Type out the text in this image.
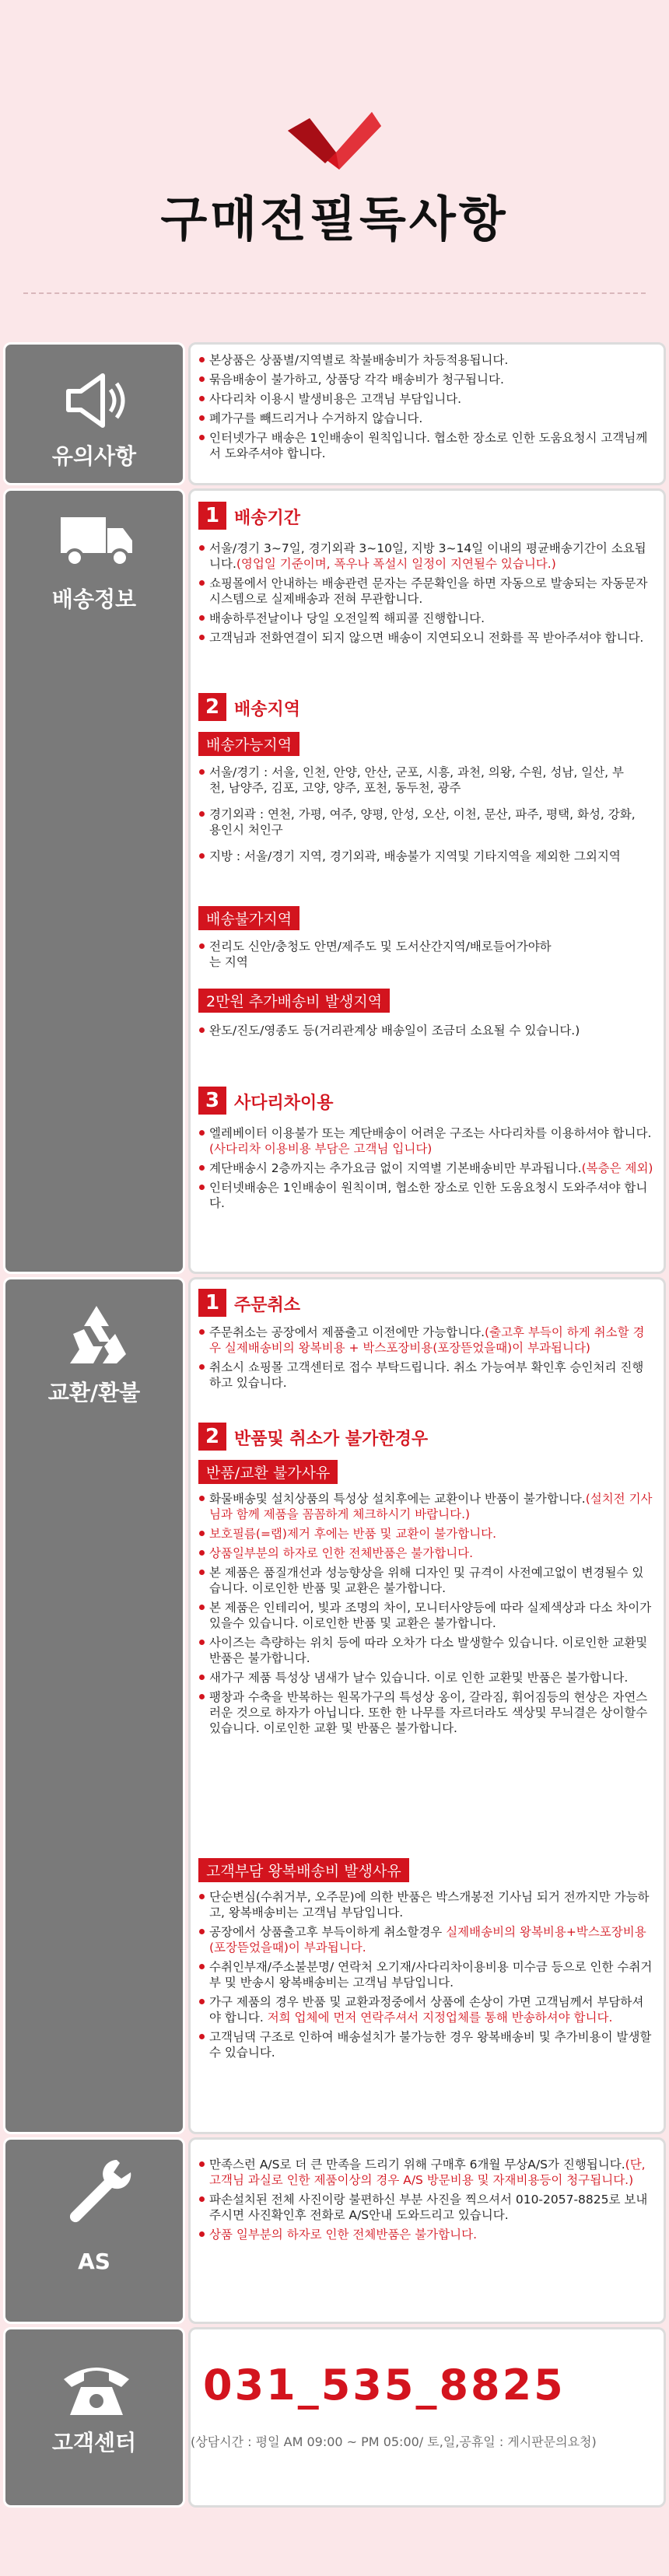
구매전필독사항
유의사항
본상품은 상품별/지역별로 착불배송비가 차등적용됩니다.
묶음배송이 불가하고, 상품당 각각 배송비가 청구됩니다.
사다리차 이용시 발생비용은 고객님 부담입니다.
폐가구를 빼드리거나 수거하지 않습니다.
인터넷가구 배송은 1인배송이 원칙입니다. 협소한 장소로 인한 도움요청시 고객님께서 도와주셔야 합니다.
배송정보
1 배송기간
서울/경기 3~7일, 경기외곽 3~10일, 지방 3~14일 이내의 평균배송기간이 소요됩니다.(영업일 기준이며, 폭우나 폭설시 일정이 지연될수 있습니다.)
쇼핑몰에서 안내하는 배송관련 문자는 주문확인을 하면 자동으로 발송되는 자동문자 시스템으로 실제배송과 전혀 무관합니다.
배송하루전날이나 당일 오전일찍 해피콜 진행합니다.
고객님과 전화연결이 되지 않으면 배송이 지연되오니 전화를 꼭 받아주셔야 합니다.
2 배송지역
배송가능지역
서울/경기 : 서울, 인천, 안양, 안산, 군포, 시흥, 과천, 의왕, 수원, 성남, 일산, 부천, 남양주, 김포, 고양, 양주, 포천, 동두천, 광주
경기외곽 : 연천, 가평, 여주, 양평, 안성, 오산, 이천, 문산, 파주, 평택, 화성, 강화, 용인시 처인구
지방 : 서울/경기 지역, 경기외곽, 배송불가 지역및 기타지역을 제외한 그외지역
배송불가지역
전리도 신안/충청도 안면/제주도 및 도서산간지역/배로들어가야하는 지역
2만원 추가배송비 발생지역
완도/진도/영종도 등(거리관계상 배송일이 조금더 소요될 수 있습니다.)
3 사다리차이용
엘레베이터 이용불가 또는 계단배송이 어려운 구조는 사다리차를 이용하셔야 합니다.(사다리차 이용비용 부담은 고객님 입니다)
계단배송시 2층까지는 추가요금 없이 지역별 기본배송비만 부과됩니다.(복층은 제외)
인터넷배송은 1인배송이 원칙이며, 협소한 장소로 인한 도움요청시 도와주셔야 합니다.
교환/환불
1 주문취소
주문취소는 공장에서 제품출고 이전에만 가능합니다.(출고후 부득이 하게 취소할 경우 실제배송비의 왕복비용 + 박스포장비용(포장뜯었을때)이 부과됩니다)
취소시 쇼핑몰 고객센터로 접수 부탁드립니다. 취소 가능여부 확인후 승인처리 진행하고 있습니다.
2 반품및 취소가 불가한경우
반품/교환 불가사유
화물배송및 설치상품의 특성상 설치후에는 교환이나 반품이 불가합니다.(설치전 기사님과 함께 제품을 꼼꼼하게 체크하시기 바랍니다.)
보호필름(=랩)제거 후에는 반품 및 교환이 불가합니다.
상품일부분의 하자로 인한 전체반품은 불가합니다.
본 제품은 품질개선과 성능향상을 위해 디자인 및 규격이 사전예고없이 변경될수 있습니다. 이로인한 반품 및 교환은 불가합니다.
본 제품은 인테리어, 빛과 조명의 차이, 모니터사양등에 따라 실제색상과 다소 차이가 있을수 있습니다. 이로인한 반품 및 교환은 불가합니다.
사이즈는 측량하는 위치 등에 따라 오차가 다소 발생할수 있습니다. 이로인한 교환및 반품은 불가합니다.
새가구 제품 특성상 냄새가 날수 있습니다. 이로 인한 교환및 반품은 불가합니다.
팽창과 수축을 반복하는 원목가구의 특성상 옹이, 갈라짐, 휘어짐등의 현상은 자연스러운 것으로 하자가 아닙니다. 또한 한 나무를 자르더라도 색상및 무늬결은 상이할수 있습니다. 이로인한 교환 및 반품은 불가합니다.
고객부담 왕복배송비 발생사유
단순변심(수취거부, 오주문)에 의한 반품은 박스개봉전 기사님 되거 전까지만 가능하고, 왕복배송비는 고객님 부담입니다.
공장에서 상품출고후 부득이하게 취소할경우 실제배송비의 왕복비용+박스포장비용 (포장뜯었을때)이 부과됩니다.
수취인부재/주소불분명/ 연락처 오기재/사다리차이용비용 미수금 등으로 인한 수취거부 및 반송시 왕복배송비는 고객님 부담입니다.
가구 제품의 경우 반품 및 교환과정중에서 상품에 손상이 가면 고객님께서 부담하셔야 합니다. 저희 업체에 먼저 연락주셔서 지정업체를 통해 반송하셔야 합니다.
고객님댁 구조로 인하여 배송설치가 불가능한 경우 왕복배송비 및 추가비용이 발생할수 있습니다.
AS
만족스런 A/S로 더 큰 만족을 드리기 위해 구매후 6개월 무상A/S가 진행됩니다.(단, 고객님 과실로 인한 제품이상의 경우 A/S 방문비용 및 자재비용등이 청구됩니다.)
파손설치된 전체 사진이랑 불편하신 부분 사진을 찍으셔서 010-2057-8825로 보내주시면 사진확인후 전화로 A/S안내 도와드리고 있습니다.
상품 일부분의 하자로 인한 전체반품은 불가합니다.
고객센터
031_535_8825
(상담시간 : 평일 AM 09:00 ~ PM 05:00/ 토,일,공휴일 : 게시판문의요청)
